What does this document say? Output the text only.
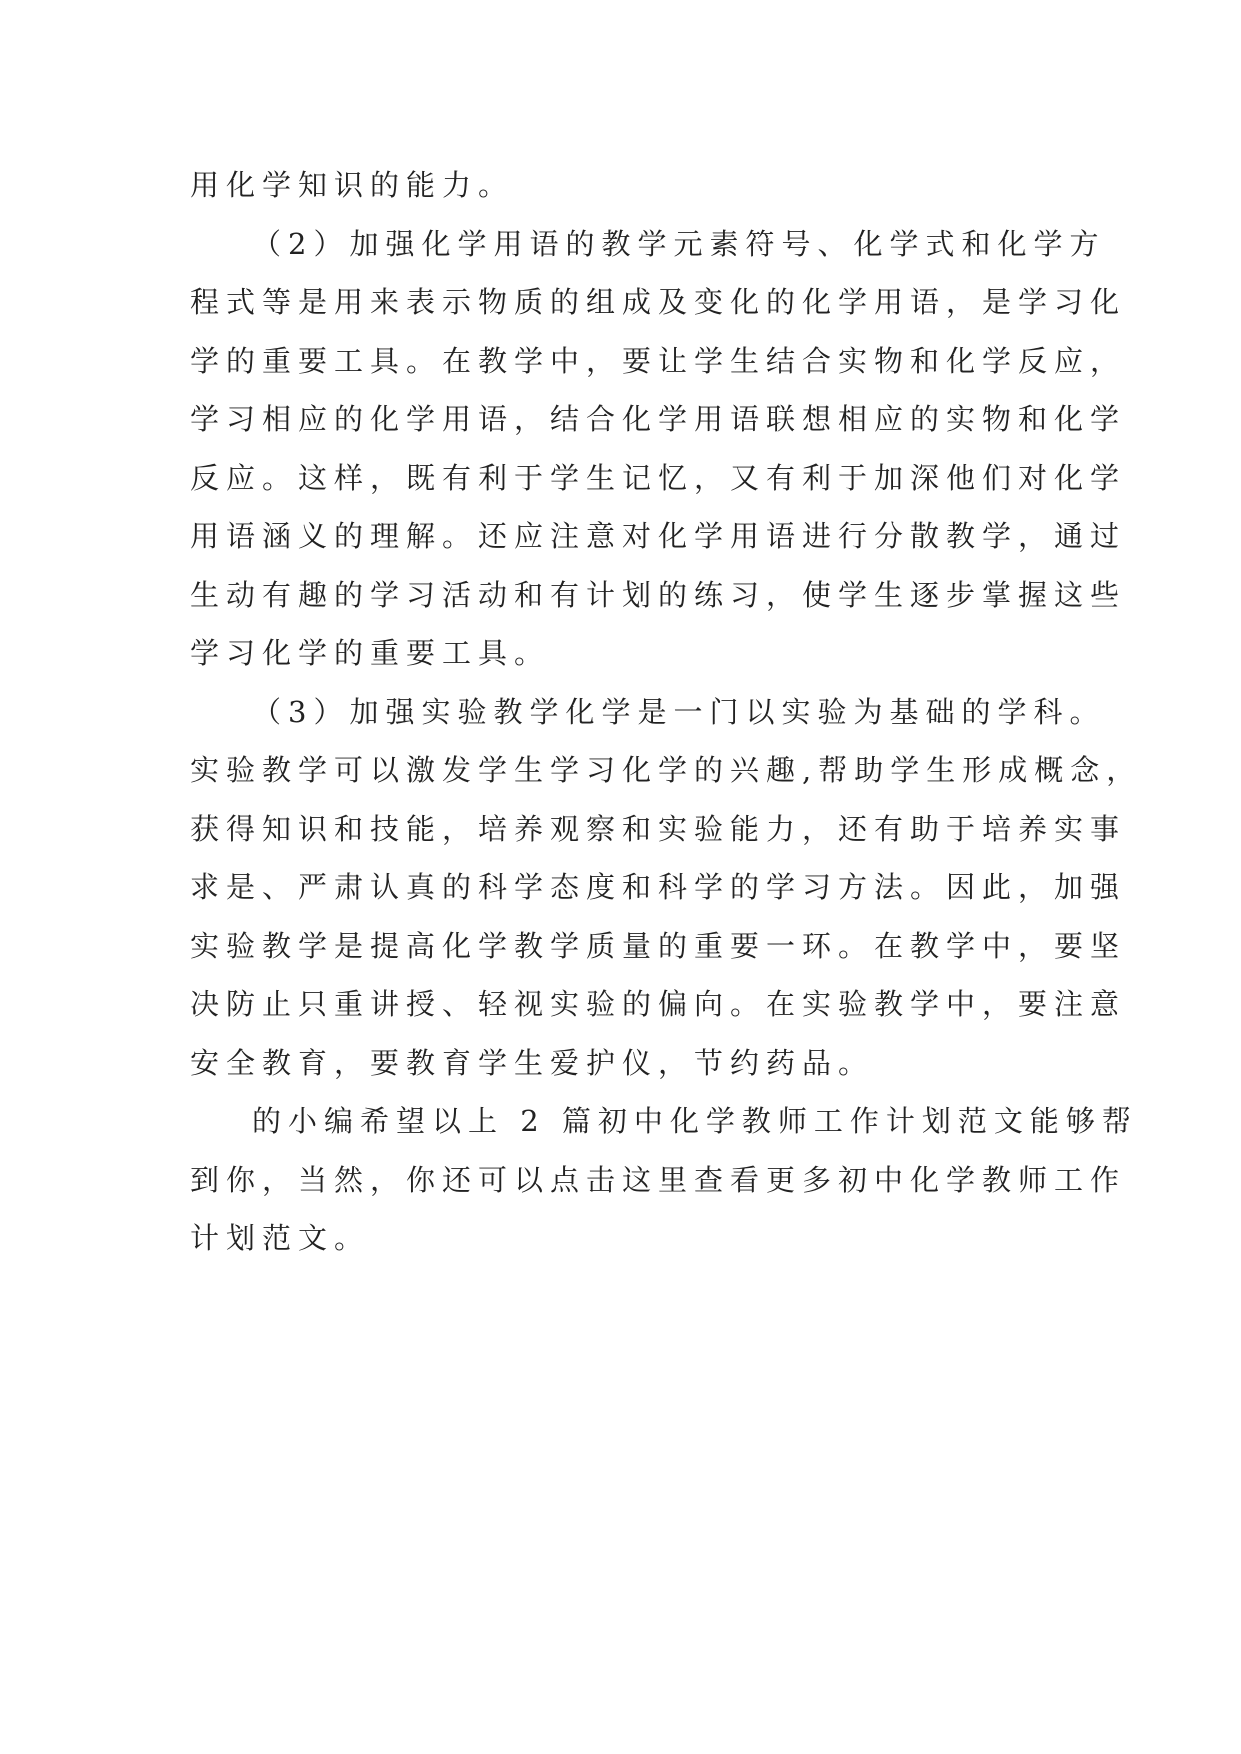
用化学知识的能力。
（2）加强化学用语的教学元素符号、化学式和化学方
程式等是用来表示物质的组成及变化的化学用语，是学习化
学的重要工具。在教学中，要让学生结合实物和化学反应，
学习相应的化学用语，结合化学用语联想相应的实物和化学
反应。这样，既有利于学生记忆，又有利于加深他们对化学
用语涵义的理解。还应注意对化学用语进行分散教学，通过
生动有趣的学习活动和有计划的练习，使学生逐步掌握这些
学习化学的重要工具。
（3）加强实验教学化学是一门以实验为基础的学科。
实验教学可以激发学生学习化学的兴趣,帮助学生形成概念，
获得知识和技能，培养观察和实验能力，还有助于培养实事
求是、严肃认真的科学态度和科学的学习方法。因此，加强
实验教学是提高化学教学质量的重要一环。在教学中，要坚
决防止只重讲授、轻视实验的偏向。在实验教学中，要注意
安全教育，要教育学生爱护仪，节约药品。
的小编希望以上 2 篇初中化学教师工作计划范文能够帮
到你，当然，你还可以点击这里查看更多初中化学教师工作
计划范文。
